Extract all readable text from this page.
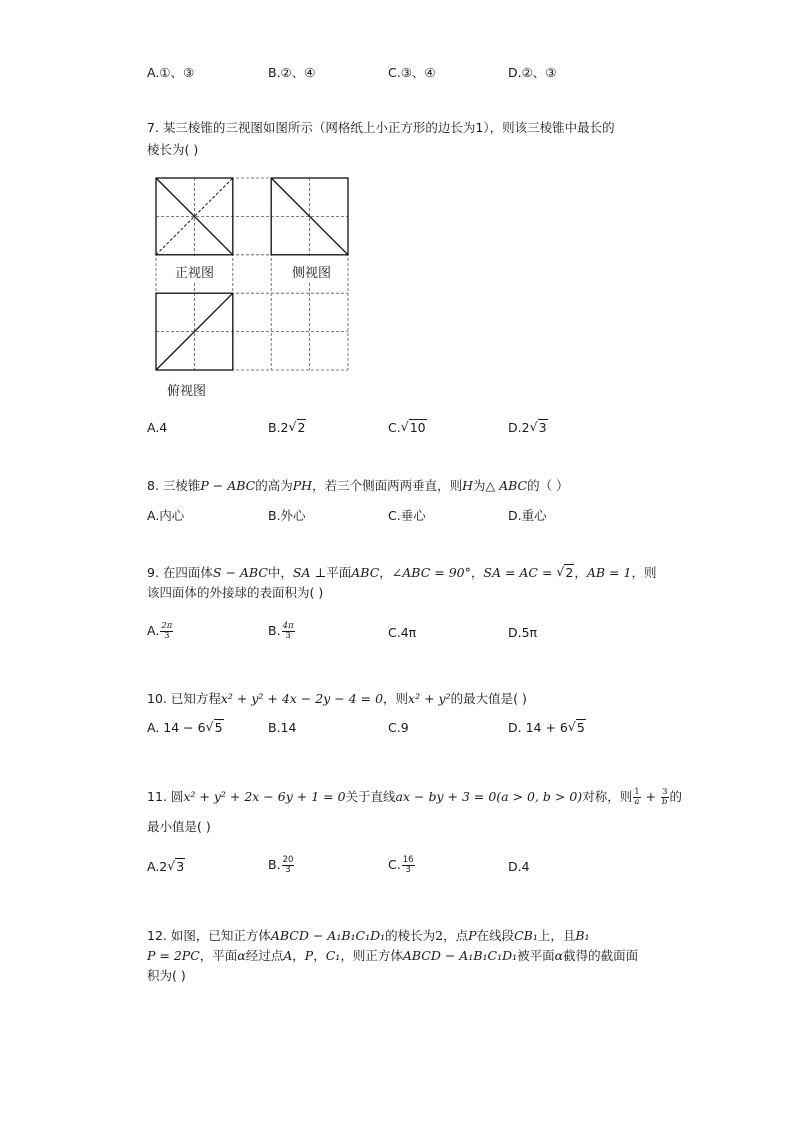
A.①、③	B.②、④	C.③、④	D.②、③
7. 某三棱锥的三视图如图所示（网格纸上小正方形的边长为1），则该三棱锥中最长的
棱长为( )
正视图	侧视图
俯视图
A.4	B.2 √ 2	C. √ 10	D.2 √ 3
8. 三棱锥P − ABC的高为PH，若三个侧面两两垂直，则H为△ ABC的（ ）
A.内心	B.外心	C.垂心	D.重心
9. 在四面体S − ABC中，SA ⊥平面ABC，∠ABC = 90°，SA = AC = √ 2，AB = 1，则
该四面体的外接球的表面积为( )
A. $\frac{2\pi}{3}$	B. $\frac{4\pi}{3}$	C.4π	D.5π
10. 已知方程x² + y² + 4x − 2y − 4 = 0，则x² + y²的最大值是( )
A. 14 − 6 √ 5	B.14	C.9	D. 14 + 6 √ 5
11. 圆x² + y² + 2x − 6y + 1 = 0关于直线ax − by + 3 = 0(a > 0, b > 0)对称，则 $\frac{1}{a} + \frac{3}{b}$ 的
最小值是( )
A.2 √ 3	B. $\frac{20}{3}$	C. $\frac{16}{3}$	D.4
12. 如图，已知正方体ABCD − A₁B₁C₁D₁的棱长为2，点P在线段CB₁上，且B₁
P = 2PC，平面α经过点A，P，C₁，则正方体ABCD − A₁B₁C₁D₁被平面α截得的截面面
积为( )
